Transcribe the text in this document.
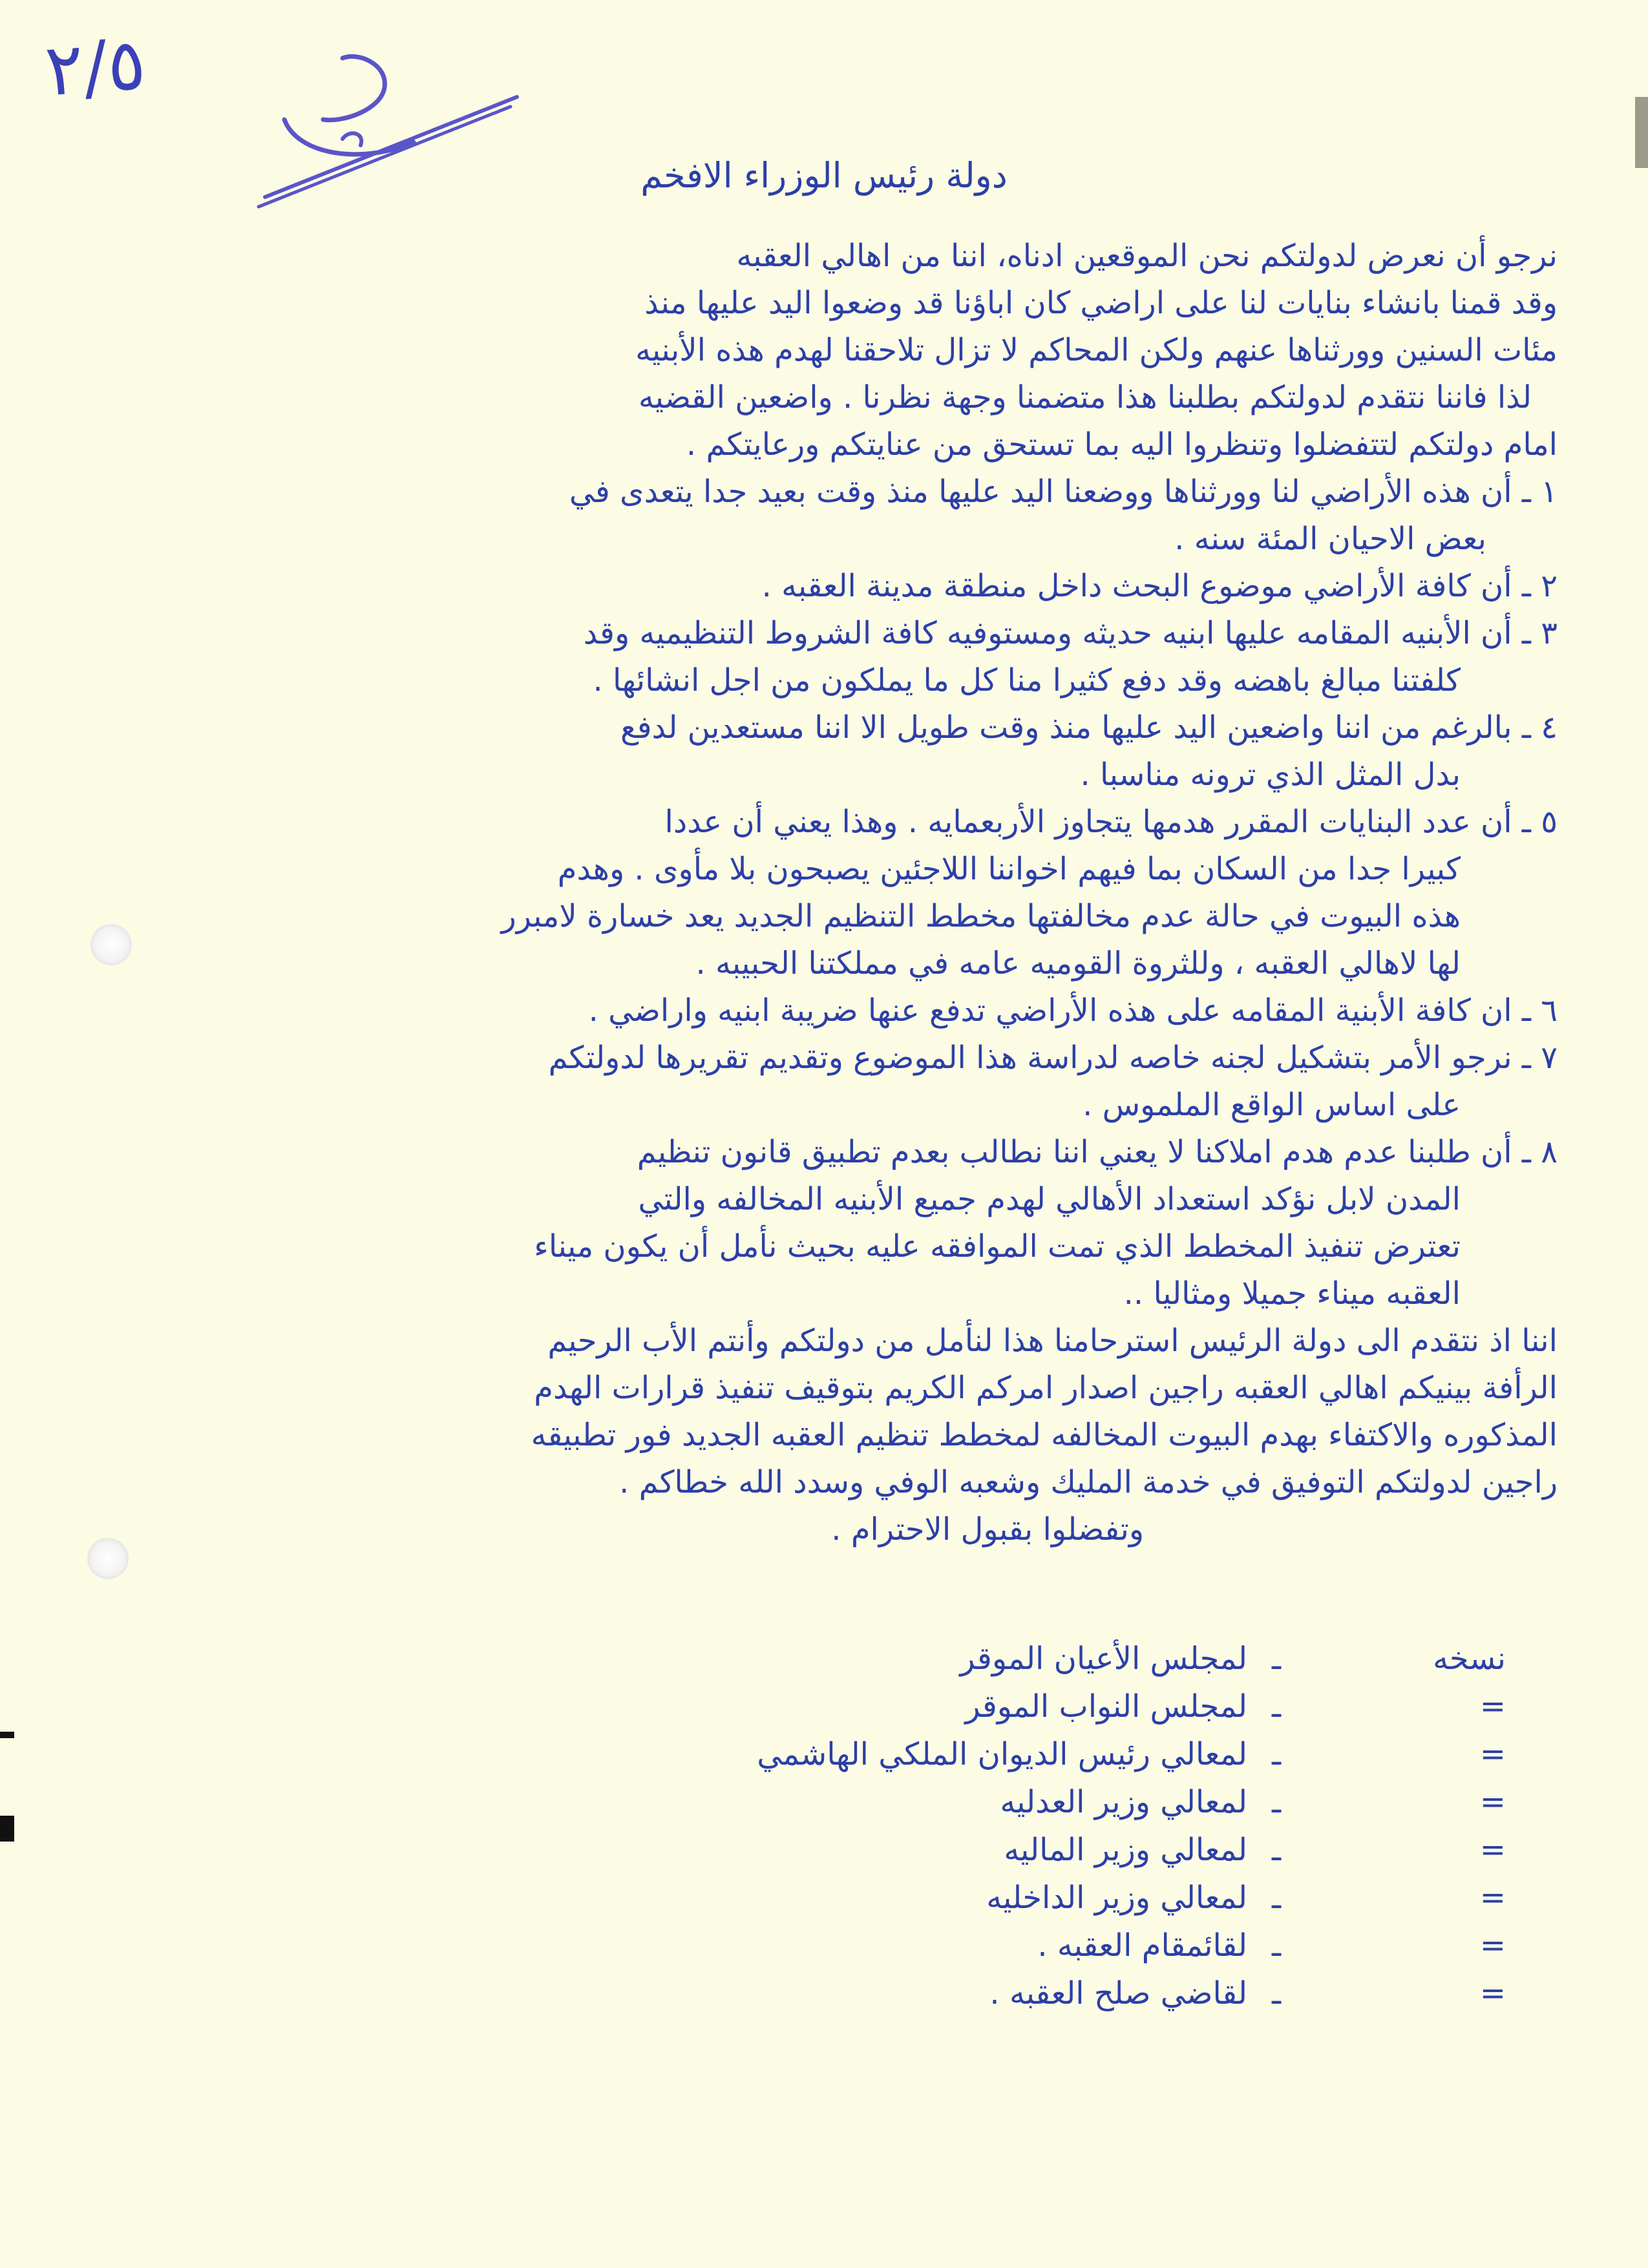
٢/٥
دولة رئيس الوزراء الافخم

نرجو أن نعرض لدولتكم نحن الموقعين ادناه، اننا من اهالي العقبه

وقد قمنا بانشاء بنايات لنا على اراضي كان اباؤنا قد وضعوا اليد عليها منذ

مئات السنين وورثناها عنهم ولكن المحاكم لا تزال تلاحقنا لهدم هذه الأبنيه

لذا فاننا نتقدم لدولتكم بطلبنا هذا متضمنا وجهة نظرنا . واضعين القضيه

امام دولتكم لتتفضلوا وتنظروا اليه بما تستحق من عنايتكم ورعايتكم .

١ ـ أن هذه الأراضي لنا وورثناها ووضعنا اليد عليها منذ وقت بعيد جدا يتعدى في

بعض الاحيان المئة سنه .

٢ ـ أن كافة الأراضي موضوع البحث داخل منطقة مدينة العقبه .

٣ ـ أن الأبنيه المقامه عليها ابنيه حديثه ومستوفيه كافة الشروط التنظيميه وقد

كلفتنا مبالغ باهضه وقد دفع كثيرا منا كل ما يملكون من اجل انشائها .

٤ ـ بالرغم من اننا واضعين اليد عليها منذ وقت طويل الا اننا مستعدين لدفع

بدل المثل الذي ترونه مناسبا .

٥ ـ أن عدد البنايات المقرر هدمها يتجاوز الأربعمايه . وهذا يعني أن عددا

كبيرا جدا من السكان بما فيهم اخواننا اللاجئين يصبحون بلا مأوى . وهدم

هذه البيوت في حالة عدم مخالفتها مخطط التنظيم الجديد يعد خسارة لامبرر

لها لاهالي العقبه ، وللثروة القوميه عامه في مملكتنا الحبيبه .

٦ ـ ان كافة الأبنية المقامه على هذه الأراضي تدفع عنها ضريبة ابنيه واراضي .

٧ ـ نرجو الأمر بتشكيل لجنه خاصه لدراسة هذا الموضوع وتقديم تقريرها لدولتكم

على اساس الواقع الملموس .

٨ ـ أن طلبنا عدم هدم املاكنا لا يعني اننا نطالب بعدم تطبيق قانون تنظيم

المدن لابل نؤكد استعداد الأهالي لهدم جميع الأبنيه المخالفه والتي

تعترض تنفيذ المخطط الذي تمت الموافقه عليه بحيث نأمل أن يكون ميناء

العقبه ميناء جميلا ومثاليا ..

اننا اذ نتقدم الى دولة الرئيس استرحامنا هذا لنأمل من دولتكم وأنتم الأب الرحيم

الرأفة بينيكم اهالي العقبه راجين اصدار امركم الكريم بتوقيف تنفيذ قرارات الهدم

المذكوره والاكتفاء بهدم البيوت المخالفه لمخطط تنظيم العقبه الجديد فور تطبيقه

راجين لدولتكم التوفيق في خدمة المليك وشعبه الوفي وسدد الله خطاكم .

وتفضلوا بقبول الاحترام .

نسخه
ـ
لمجلس الأعيان الموقر
=
ـ
لمجلس النواب الموقر
=
ـ
لمعالي رئيس الديوان الملكي الهاشمي
=
ـ
لمعالي وزير العدليه
=
ـ
لمعالي وزير الماليه
=
ـ
لمعالي وزير الداخليه
=
ـ
لقائمقام العقبه .
=
ـ
لقاضي صلح العقبه .
